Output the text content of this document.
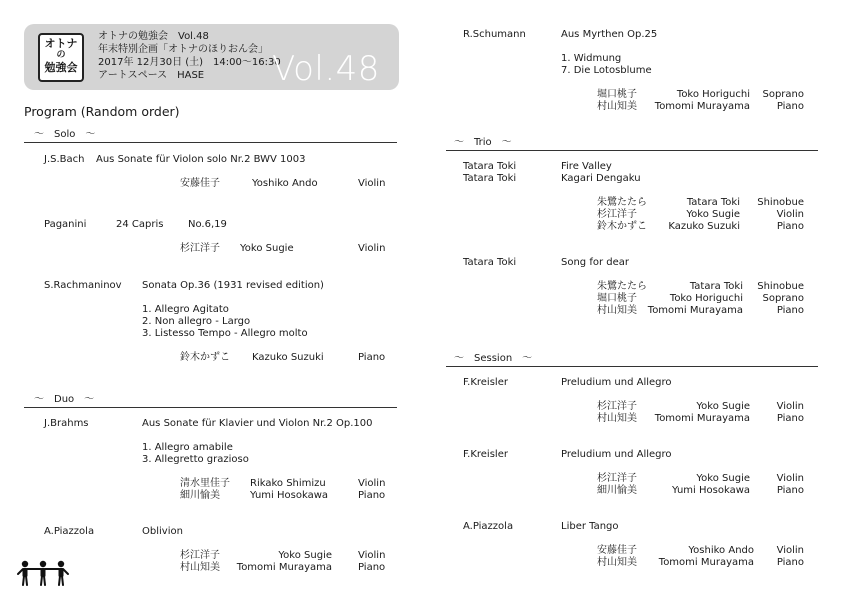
オトナ
の
勉強会
オトナの勉強会　Vol.48
年末特別企画「オトナのほりおん会」
2017年 12月30日 (土)　14:00〜16:30
アートスペース　HASE Vol.48
Program (Random order)
～　Solo　～
J.S.Bach Aus Sonate für Violon solo Nr.2 BWV 1003
安藤佳子	Yoshiko Ando	Violin
Paganini	24 Capris No.6,19
杉江洋子 Yoko Sugie	Violin
S.Rachmaninov Sonata Op.36 (1931 revised edition)
1. Allegro Agitato
2. Non allegro - Largo
3. Listesso Tempo - Allegro molto
鈴木かずこ Kazuko Suzuki	Piano
～　Duo　～
J.Brahms	Aus Sonate für Klavier und Violon Nr.2 Op.100
1. Allegro amabile
3. Allegretto grazioso
清水里佳子 Rikako Shimizu	Violin
細川愉美	Yumi Hosokawa	Piano
A.Piazzola	Oblivion
杉江洋子	Yoko Sugie	Violin
村山知美	Tomomi Murayama	Piano
R.Schumann	Aus Myrthen Op.25
1. Widmung
7. Die Lotosblume
堀口桃子	Toko Horiguchi	Soprano
村山知美	Tomomi Murayama	Piano
～　Trio　～
Tatara Toki	Fire Valley
Tatara Toki	Kagari Dengaku
朱鷺たたら	Tatara Toki	Shinobue
杉江洋子	Yoko Sugie	Violin
鈴木かずこ	Kazuko Suzuki	Piano
Tatara Toki	Song for dear
朱鷺たたら	Tatara Toki	Shinobue
堀口桃子	Toko Horiguchi	Soprano
村山知美	Tomomi Murayama	Piano
～　Session　～
F.Kreisler	Preludium und Allegro
杉江洋子	Yoko Sugie	Violin
村山知美	Tomomi Murayama	Piano
F.Kreisler	Preludium und Allegro
杉江洋子	Yoko Sugie	Violin
細川愉美	Yumi Hosokawa	Piano
A.Piazzola	Liber Tango
安藤佳子	Yoshiko Ando	Violin
村山知美	Tomomi Murayama	Piano
